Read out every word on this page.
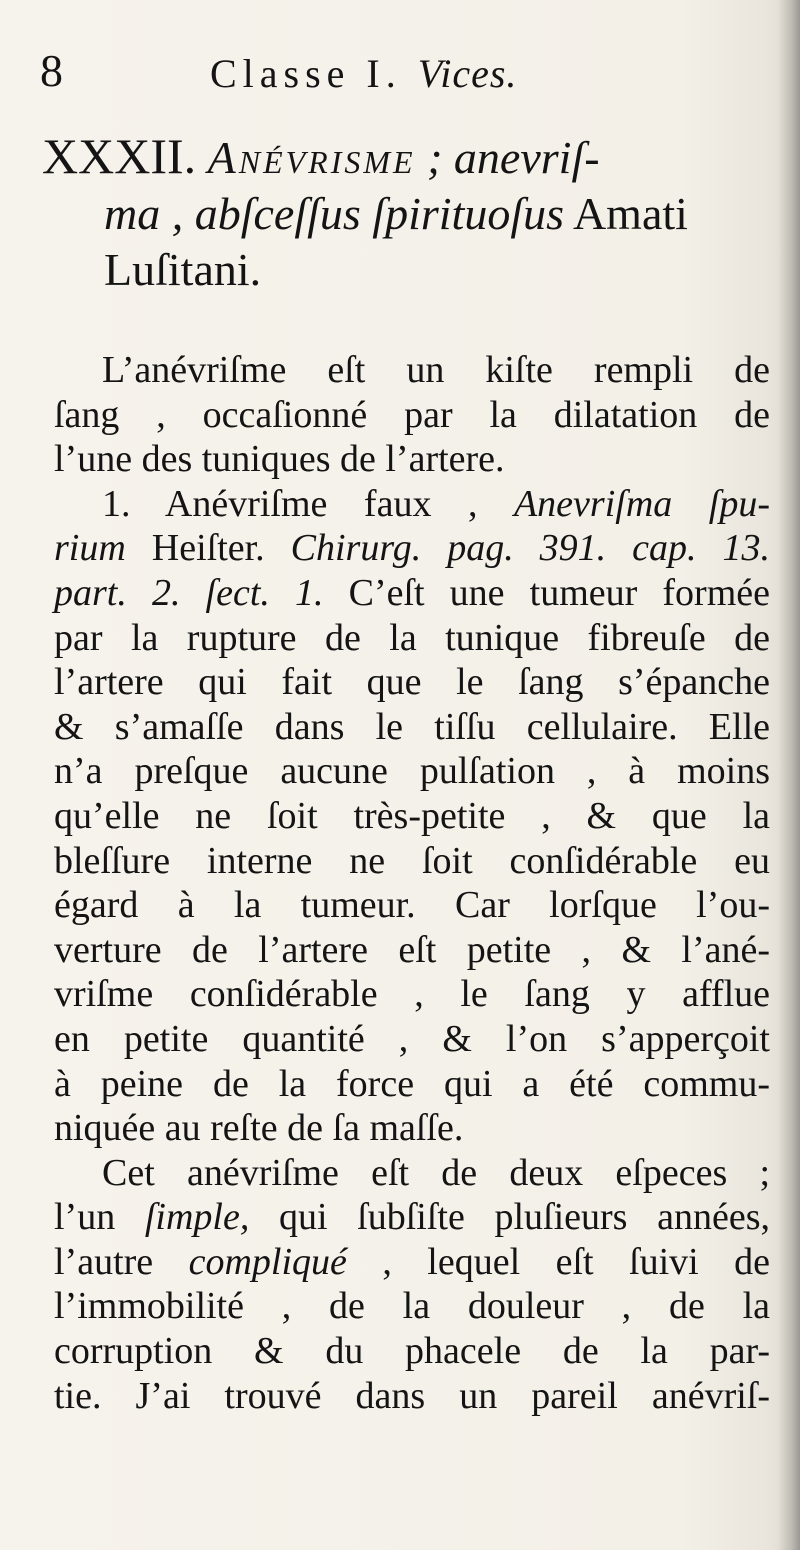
8	Classe I. Vices.
XXXII. Anévrisme ; anevriſ-
ma , abſceſſus ſpirituoſus Amati
Luſitani.
L’anévriſme eſt un kiſte rempli de
ſang , occaſionné par la dilatation de
l’une des tuniques de l’artere.
1. Anévriſme faux , Anevriſma ſpu-
rium Heiſter. Chirurg. pag. 391. cap. 13.
part. 2. ſect. 1. C’eſt une tumeur formée
par la rupture de la tunique fibreuſe de
l’artere qui fait que le ſang s’épanche
& s’amaſſe dans le tiſſu cellulaire. Elle
n’a preſque aucune pulſation , à moins
qu’elle ne ſoit très-petite , & que la
bleſſure interne ne ſoit conſidérable eu
égard à la tumeur. Car lorſque l’ou-
verture de l’artere eſt petite , & l’ané-
vriſme conſidérable , le ſang y afflue
en petite quantité , & l’on s’apperçoit
à peine de la force qui a été commu-
niquée au reſte de ſa maſſe.
Cet anévriſme eſt de deux eſpeces ;
l’un ſimple, qui ſubſiſte pluſieurs années,
l’autre compliqué , lequel eſt ſuivi de
l’immobilité , de la douleur , de la
corruption & du phacele de la par-
tie. J’ai trouvé dans un pareil anévriſ-
